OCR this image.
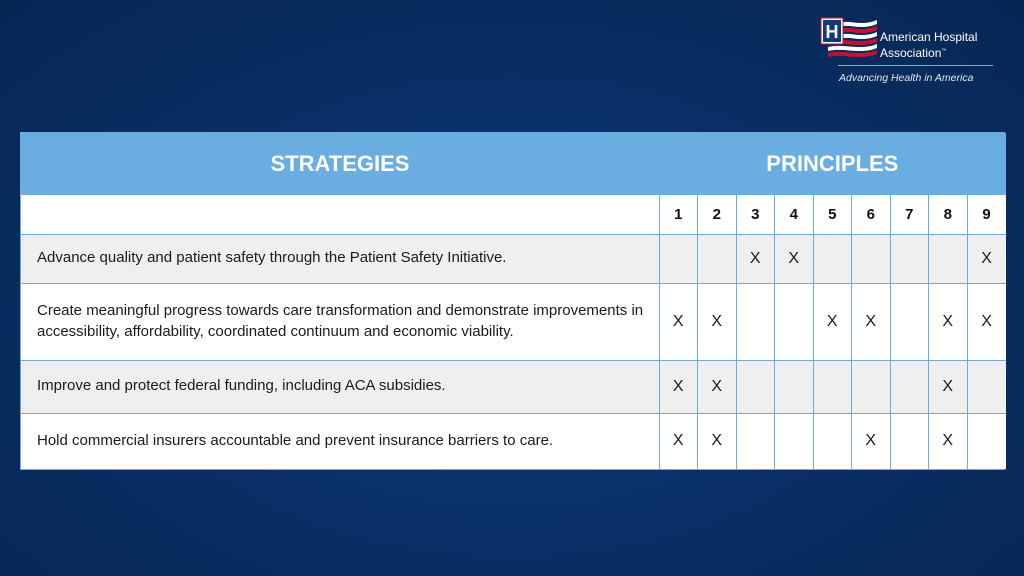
H	American Hospital
Association™
Advancing Health in America
STRATEGIES	PRINCIPLES								
	1	2	3	4	5	6	7	8	9
Advance quality and patient safety through the Patient Safety Initiative.			X	X					X
Create meaningful progress towards care transformation and demonstrate improvements in accessibility, affordability, coordinated continuum and economic viability.	X	X			X	X		X	X
Improve and protect federal funding, including ACA subsidies.	X	X						X	
Hold commercial insurers accountable and prevent insurance barriers to care.	X	X				X		X	
